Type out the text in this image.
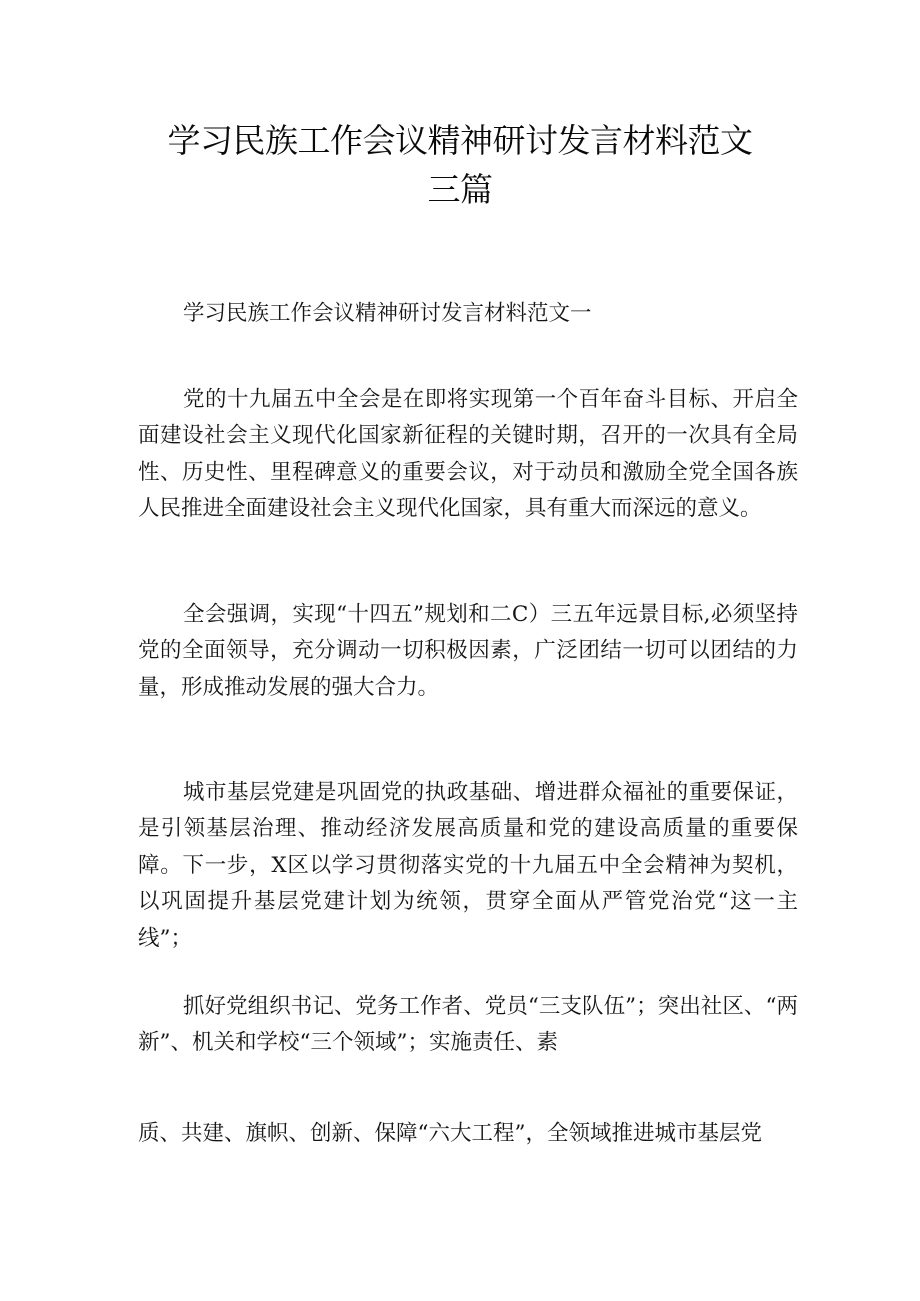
学习民族工作会议精神研讨发言材料范文
三篇

学习民族工作会议精神研讨发言材料范文一

党的十九届五中全会是在即将实现第一个百年奋斗目标、开启全面建设社会主义现代化国家新征程的关键时期，召开的一次具有全局性、历史性、里程碑意义的重要会议，对于动员和激励全党全国各族人民推进全面建设社会主义现代化国家，具有重大而深远的意义。

全会强调，实现“十四五”规划和二C）三五年远景目标,必须坚持党的全面领导，充分调动一切积极因素，广泛团结一切可以团结的力量，形成推动发展的强大合力。

城市基层党建是巩固党的执政基础、增进群众福祉的重要保证，是引领基层治理、推动经济发展高质量和党的建设高质量的重要保障。下一步，X区以学习贯彻落实党的十九届五中全会精神为契机，以巩固提升基层党建计划为统领，贯穿全面从严管党治党“这一主线”；

抓好党组织书记、党务工作者、党员“三支队伍”；突出社区、“两新”、机关和学校“三个领域”；实施责任、素

质、共建、旗帜、创新、保障“六大工程”，全领域推进城市基层党
